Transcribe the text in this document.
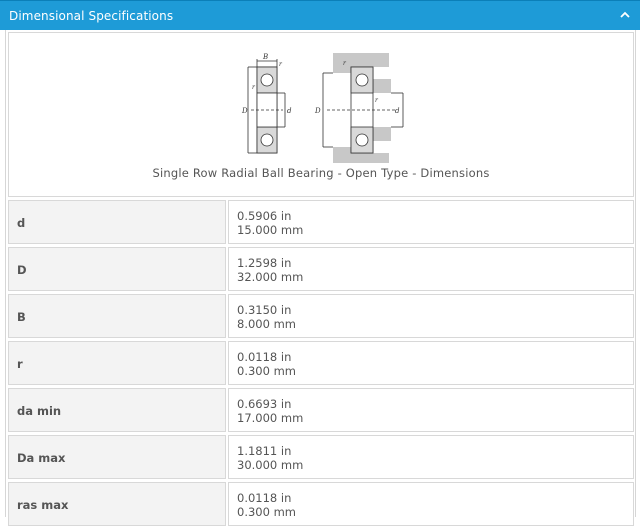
Dimensional Specifications
B
r
r
D	d
r
r
D	d
Single Row Radial Ball Bearing - Open Type - Dimensions
d	0.5906 in
15.000 mm
D	1.2598 in
32.000 mm
B	0.3150 in
8.000 mm
r	0.0118 in
0.300 mm
da min	0.6693 in
17.000 mm
Da max	1.1811 in
30.000 mm
ras max	0.0118 in
0.300 mm
